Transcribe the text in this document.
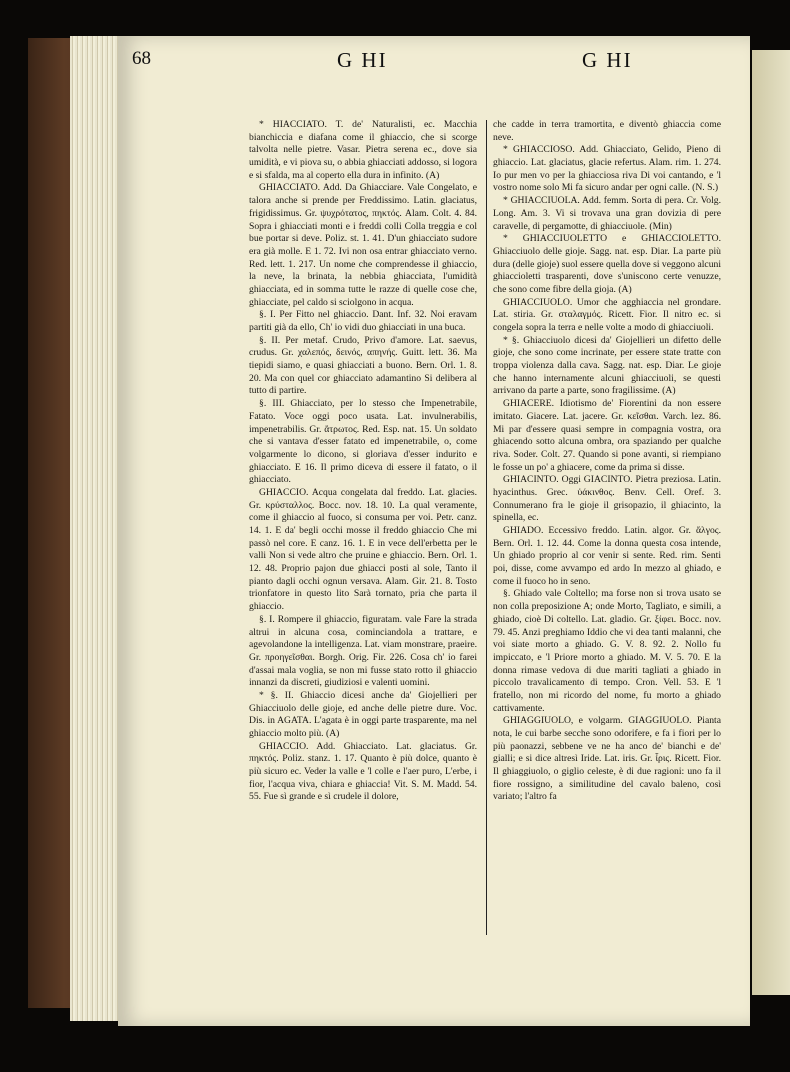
68	G HI	G HI

* HIACCIATO. T. de' Naturalisti, ec. Macchia bianchiccia e diafana come il ghiaccio, che si scorge talvolta nelle pietre. Vasar. Pietra serena ec., dove sia umidità, e vi piova su, o abbia ghiacciati addosso, si logora e si sfalda, ma al coperto ella dura in infinito. (A)

GHIACCIATO. Add. Da Ghiacciare. Vale Congelato, e talora anche si prende per Freddissimo. Latin. glaciatus, frigidissimus. Gr. ψυχρότατος, πηκτός. Alam. Colt. 4. 84. Sopra i ghiacciati monti e i freddi colli Colla treggia e col bue portar si deve. Poliz. st. 1. 41. D'un ghiacciato sudore era già molle. E 1. 72. Ivi non osa entrar ghiacciato verno. Red. lett. 1. 217. Un nome che comprendesse il ghiaccio, la neve, la brinata, la nebbia ghiacciata, l'umidità ghiacciata, ed in somma tutte le razze di quelle cose che, ghiacciate, pel caldo si sciolgono in acqua.

§. I. Per Fitto nel ghiaccio. Dant. Inf. 32. Noi eravam partiti già da ello, Ch' io vidi duo ghiacciati in una buca.

§. II. Per metaf. Crudo, Privo d'amore. Lat. saevus, crudus. Gr. χαλεπός, δεινός, απηνής. Guitt. lett. 36. Ma tiepidi siamo, e quasi ghiacciati a buono. Bern. Orl. 1. 8. 20. Ma con quel cor ghiacciato adamantino Si delibera al tutto di partire.

§. III. Ghiacciato, per lo stesso che Impenetrabile, Fatato. Voce oggi poco usata. Lat. invulnerabilis, impenetrabilis. Gr. ἄτρωτος. Red. Esp. nat. 15. Un soldato che si vantava d'esser fatato ed impenetrabile, o, come volgarmente lo dicono, si gloriava d'esser indurito e ghiacciato. E 16. Il primo diceva di essere il fatato, o il ghiacciato.

GHIACCIO. Acqua congelata dal freddo. Lat. glacies. Gr. κρύσταλλος. Bocc. nov. 18. 10. La qual veramente, come il ghiaccio al fuoco, si consuma per voi. Petr. canz. 14. 1. E da' begli occhi mosse il freddo ghiaccio Che mi passò nel core. E canz. 16. 1. E in vece dell'erbetta per le valli Non si vede altro che pruine e ghiaccio. Bern. Orl. 1. 12. 48. Proprio pajon due ghiacci posti al sole, Tanto il pianto dagli occhi ognun versava. Alam. Gir. 21. 8. Tosto trionfatore in questo lito Sarà tornato, pria che parta il ghiaccio.

§. I. Rompere il ghiaccio, figuratam. vale Fare la strada altrui in alcuna cosa, cominciandola a trattare, e agevolandone la intelligenza. Lat. viam monstrare, praeire. Gr. προηγεῖσθαι. Borgh. Orig. Fir. 226. Cosa ch' io farei d'assai mala voglia, se non mi fusse stato rotto il ghiaccio innanzi da discreti, giudiziosi e valenti uomini.

* §. II. Ghiaccio dicesi anche da' Giojellieri per Ghiacciuolo delle gioje, ed anche delle pietre dure. Voc. Dis. in AGATA. L'agata è in oggi parte trasparente, ma nel ghiaccio molto più. (A)

GHIACCIO. Add. Ghiacciato. Lat. glaciatus. Gr. πηκτός. Poliz. stanz. 1. 17. Quanto è più dolce, quanto è più sicuro ec. Veder la valle e 'l colle e l'aer puro, L'erbe, i fior, l'acqua viva, chiara e ghiaccia! Vit. S. M. Madd. 54. 55. Fue sì grande e sì crudele il dolore,

che cadde in terra tramortita, e diventò ghiaccia come neve.

* GHIACCIOSO. Add. Ghiacciato, Gelido, Pieno di ghiaccio. Lat. glaciatus, glacie refertus. Alam. rim. 1. 274. Io pur men vo per la ghiacciosa riva Di voi cantando, e 'l vostro nome solo Mi fa sicuro andar per ogni calle. (N. S.)

* GHIACCIUOLA. Add. femm. Sorta di pera. Cr. Volg. Long. Am. 3. Vi si trovava una gran dovizia di pere caravelle, di pergamotte, di ghiacciuole. (Min)

* GHIACCIUOLETTO e GHIACCIOLETTO. Ghiacciuolo delle gioje. Sagg. nat. esp. Diar. La parte più dura (delle gioje) suol essere quella dove si veggono alcuni ghiaccioletti trasparenti, dove s'uniscono certe venuzze, che sono come fibre della gioja. (A)

GHIACCIUOLO. Umor che agghiaccia nel grondare. Lat. stiria. Gr. σταλαγμός. Ricett. Fior. Il nitro ec. si congela sopra la terra e nelle volte a modo di ghiacciuoli.

* §. Ghiacciuolo dicesi da' Giojellieri un difetto delle gioje, che sono come incrinate, per essere state tratte con troppa violenza dalla cava. Sagg. nat. esp. Diar. Le gioje che hanno internamente alcuni ghiacciuoli, se questi arrivano da parte a parte, sono fragilissime. (A)

GHIACERE. Idiotismo de' Fiorentini da non essere imitato. Giacere. Lat. jacere. Gr. κεῖσθαι. Varch. lez. 86. Mi par d'essere quasi sempre in compagnia vostra, ora ghiacendo sotto alcuna ombra, ora spaziando per qualche riva. Soder. Colt. 27. Quando si pone avanti, si riempiano le fosse un po' a ghiacere, come da prima si disse.

GHIACINTO. Oggi GIACINTO. Pietra preziosa. Latin. hyacinthus. Grec. ὑάκινθος. Benv. Cell. Oref. 3. Connumerano fra le gioje il grisopazio, il ghiacinto, la spinella, ec.

GHIADO. Eccessivo freddo. Latin. algor. Gr. ἄλγος. Bern. Orl. 1. 12. 44. Come la donna questa cosa intende, Un ghiado proprio al cor venir si sente. Red. rim. Senti poi, disse, come avvampo ed ardo In mezzo al ghiado, e come il fuoco ho in seno.

§. Ghiado vale Coltello; ma forse non si trova usato se non colla preposizione A; onde Morto, Tagliato, e simili, a ghiado, cioè Di coltello. Lat. gladio. Gr. ξίφει. Bocc. nov. 79. 45. Anzi preghiamo Iddio che vi dea tanti malanni, che voi siate morto a ghiado. G. V. 8. 92. 2. Nollo fu impiccato, e 'l Priore morto a ghiado. M. V. 5. 70. E la donna rimase vedova di due mariti tagliati a ghiado in piccolo travalicamento di tempo. Cron. Vell. 53. E 'l fratello, non mi ricordo del nome, fu morto a ghiado cattivamente.

GHIAGGIUOLO, e volgarm. GIAGGIUOLO. Pianta nota, le cui barbe secche sono odorifere, e fa i fiori per lo più paonazzi, sebbene ve ne ha anco de' bianchi e de' gialli; e si dice altresì Iride. Lat. iris. Gr. ἶρις. Ricett. Fior. Il ghiaggiuolo, o giglio celeste, è di due ragioni: uno fa il fiore rossigno, a similitudine del cavalo baleno, così variato; l'altro fa
